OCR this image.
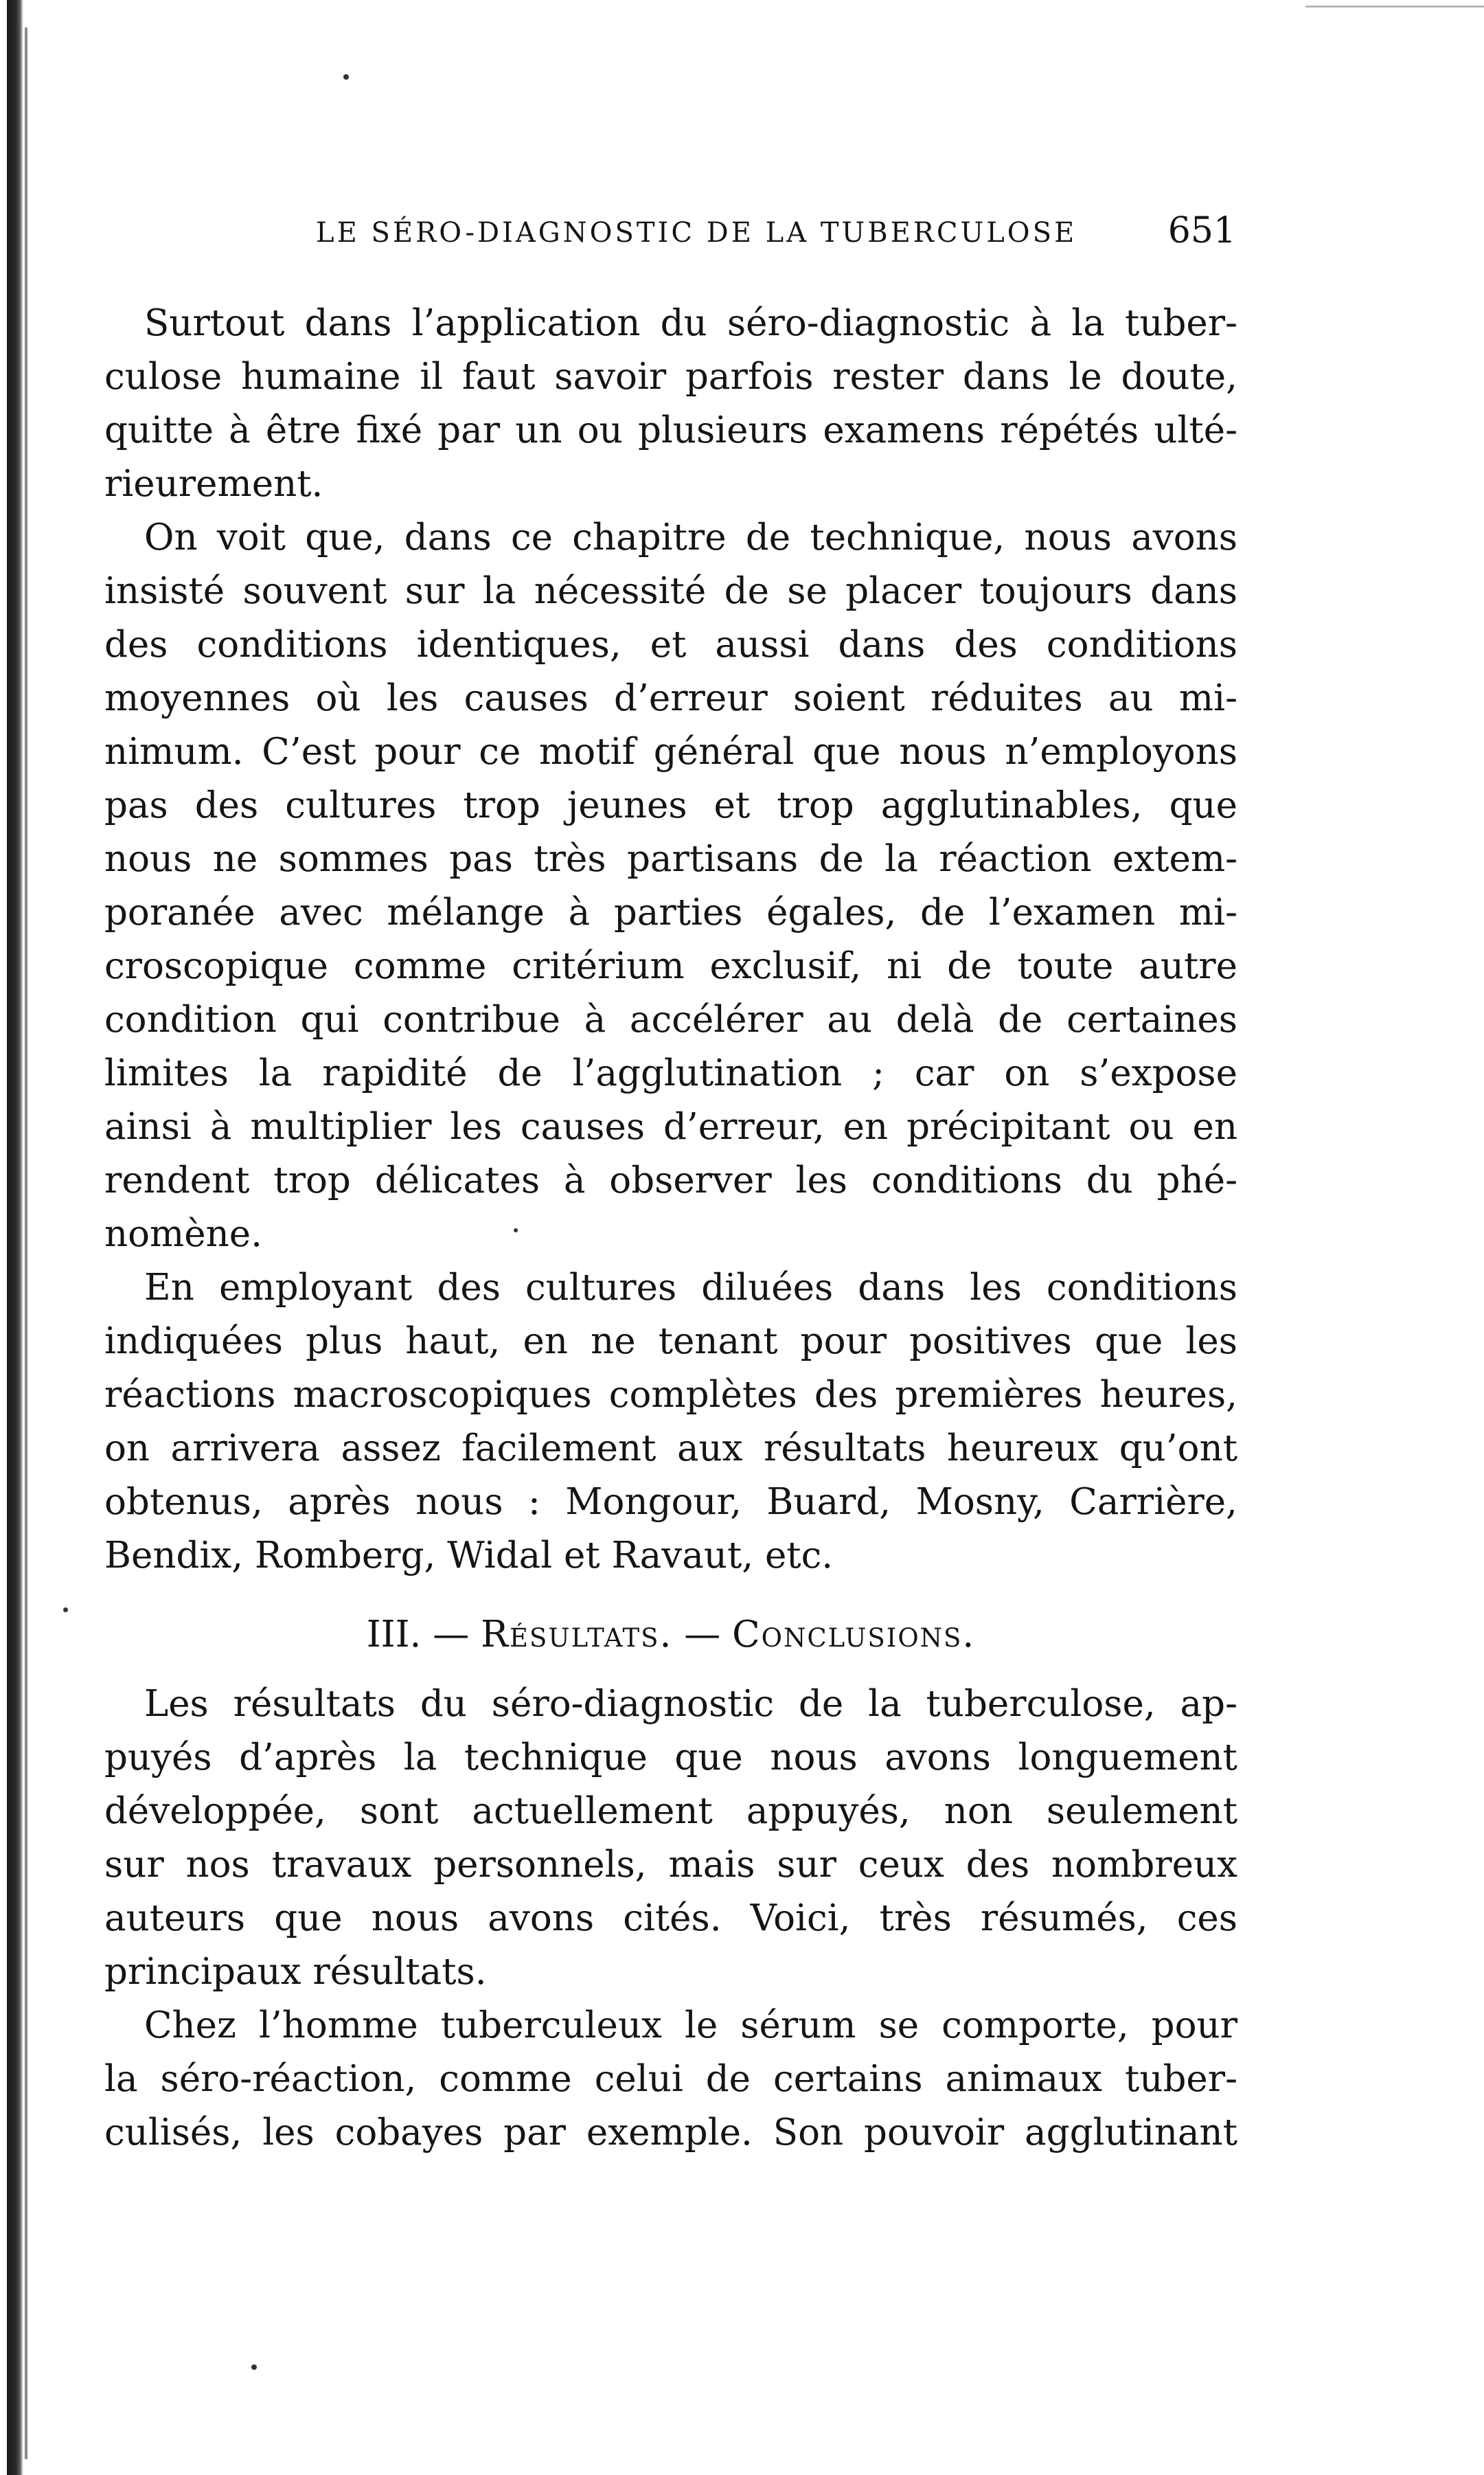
LE SÉRO-DIAGNOSTIC DE LA TUBERCULOSE	651
Surtout dans l’application du séro-diagnostic à la tuber-
culose humaine il faut savoir parfois rester dans le doute,
quitte à être fixé par un ou plusieurs examens répétés ulté-
rieurement.
On voit que, dans ce chapitre de technique, nous avons
insisté souvent sur la nécessité de se placer toujours dans
des conditions identiques, et aussi dans des conditions
moyennes où les causes d’erreur soient réduites au mi-
nimum. C’est pour ce motif général que nous n’employons
pas des cultures trop jeunes et trop agglutinables, que
nous ne sommes pas très partisans de la réaction extem-
poranée avec mélange à parties égales, de l’examen mi-
croscopique comme critérium exclusif, ni de toute autre
condition qui contribue à accélérer au delà de certaines
limites la rapidité de l’agglutination ; car on s’expose
ainsi à multiplier les causes d’erreur, en précipitant ou en
rendent trop délicates à observer les conditions du phé-
nomène.
En employant des cultures diluées dans les conditions
indiquées plus haut, en ne tenant pour positives que les
réactions macroscopiques complètes des premières heures,
on arrivera assez facilement aux résultats heureux qu’ont
obtenus, après nous : Mongour, Buard, Mosny, Carrière,
Bendix, Romberg, Widal et Ravaut, etc.
III. — Résultats. — Conclusions.
Les résultats du séro-diagnostic de la tuberculose, ap-
puyés d’après la technique que nous avons longuement
développée, sont actuellement appuyés, non seulement
sur nos travaux personnels, mais sur ceux des nombreux
auteurs que nous avons cités. Voici, très résumés, ces
principaux résultats.
Chez l’homme tuberculeux le sérum se comporte, pour
la séro-réaction, comme celui de certains animaux tuber-
culisés, les cobayes par exemple. Son pouvoir agglutinant
